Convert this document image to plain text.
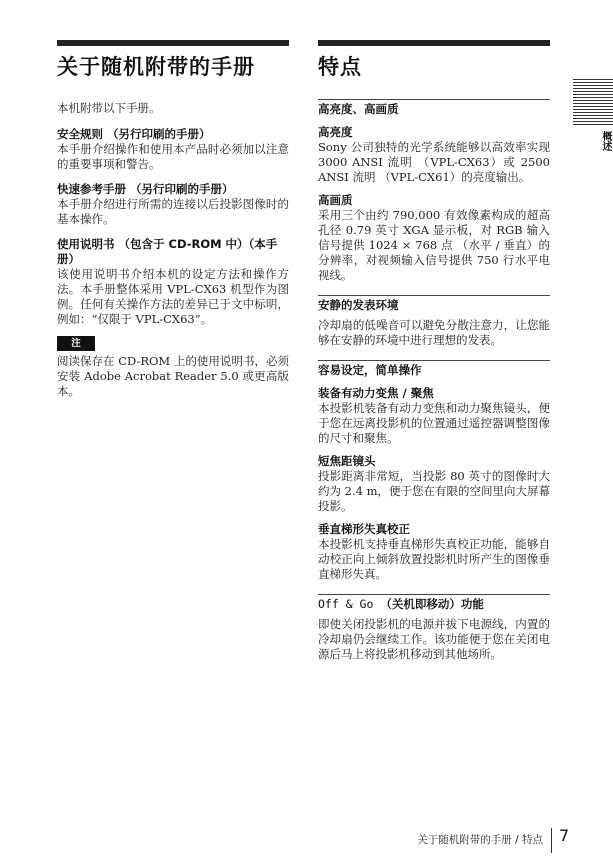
关于随机附带的手册
本机附带以下手册。
安全规则 （另行印刷的手册）
本手册介绍操作和使用本产品时必须加以注意的重要事项和警告。
快速参考手册 （另行印刷的手册）
本手册介绍进行所需的连接以后投影图像时的基本操作。
使用说明书 （包含于 CD-ROM 中）（本手册）
该使用说明书介绍本机的设定方法和操作方法。本手册整体采用 VPL-CX63 机型作为图例。任何有关操作方法的差异已于文中标明，例如：“仅限于 VPL-CX63”。
注
阅读保存在 CD-ROM 上的使用说明书，必须安装 Adobe Acrobat Reader 5.0 或更高版本。
特点
高亮度、高画质
高亮度
Sony 公司独特的光学系统能够以高效率实现 3000 ANSI 流明 （VPL-CX63）或 2500 ANSI 流明 （VPL-CX61）的亮度输出。
高画质
采用三个由约 790,000 有效像素构成的超高孔径 0.79 英寸 XGA 显示板，对 RGB 输入信号提供 1024 × 768 点 （水平 / 垂直）的分辨率，对视频输入信号提供 750 行水平电视线。
安静的发表环境
冷却扇的低噪音可以避免分散注意力，让您能够在安静的环境中进行理想的发表。
容易设定，简单操作
装备有动力变焦 / 聚焦
本投影机装备有动力变焦和动力聚焦镜头，便于您在远离投影机的位置通过遥控器调整图像的尺寸和聚焦。
短焦距镜头
投影距离非常短，当投影 80 英寸的图像时大约为 2.4 m，便于您在有限的空间里向大屏幕投影。
垂直梯形失真校正
本投影机支持垂直梯形失真校正功能，能够自动校正向上倾斜放置投影机时所产生的图像垂直梯形失真。
Off & Go （关机即移动）功能
即使关闭投影机的电源并拔下电源线，内置的冷却扇仍会继续工作。该功能便于您在关闭电源后马上将投影机移动到其他场所。
概述
关于随机附带的手册 / 特点 7
